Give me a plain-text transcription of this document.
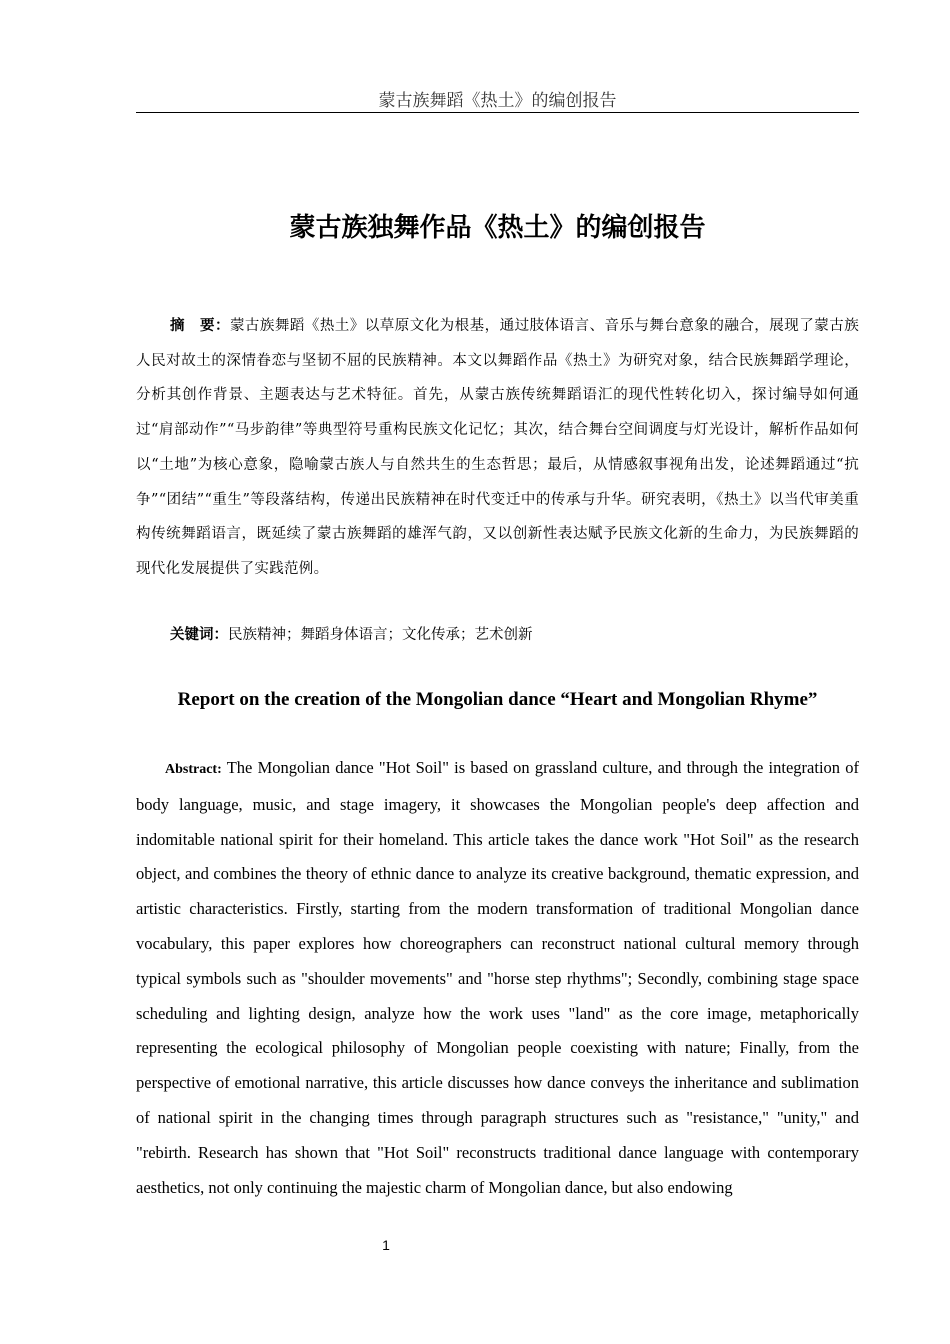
蒙古族舞蹈《热土》的编创报告
蒙古族独舞作品《热土》的编创报告
摘　要：蒙古族舞蹈《热土》以草原文化为根基，通过肢体语言、音乐与舞台意象的融合，展现了蒙古族人民对故土的深情眷恋与坚韧不屈的民族精神。本文以舞蹈作品《热土》为研究对象，结合民族舞蹈学理论，分析其创作背景、主题表达与艺术特征。首先，从蒙古族传统舞蹈语汇的现代性转化切入，探讨编导如何通过“肩部动作”“马步韵律”等典型符号重构民族文化记忆；其次，结合舞台空间调度与灯光设计，解析作品如何以“土地”为核心意象，隐喻蒙古族人与自然共生的生态哲思；最后，从情感叙事视角出发，论述舞蹈通过“抗争”“团结”“重生”等段落结构，传递出民族精神在时代变迁中的传承与升华。研究表明，《热土》以当代审美重构传统舞蹈语言，既延续了蒙古族舞蹈的雄浑气韵，又以创新性表达赋予民族文化新的生命力，为民族舞蹈的现代化发展提供了实践范例。
关键词：民族精神；舞蹈身体语言；文化传承；艺术创新
Report on the creation of the Mongolian dance “Heart and Mongolian Rhyme”
Abstract: The Mongolian dance "Hot Soil" is based on grassland culture, and through the integration of body language, music, and stage imagery, it showcases the Mongolian people's deep affection and indomitable national spirit for their homeland. This article takes the dance work "Hot Soil" as the research object, and combines the theory of ethnic dance to analyze its creative background, thematic expression, and artistic characteristics. Firstly, starting from the modern transformation of traditional Mongolian dance vocabulary, this paper explores how choreographers can reconstruct national cultural memory through typical symbols such as "shoulder movements" and "horse step rhythms"; Secondly, combining stage space scheduling and lighting design, analyze how the work uses "land" as the core image, metaphorically representing the ecological philosophy of Mongolian people coexisting with nature; Finally, from the perspective of emotional narrative, this article discusses how dance conveys the inheritance and sublimation of national spirit in the changing times through paragraph structures such as "resistance," "unity," and "rebirth. Research has shown that "Hot Soil" reconstructs traditional dance language with contemporary aesthetics, not only continuing the majestic charm of Mongolian dance, but also endowing
1
